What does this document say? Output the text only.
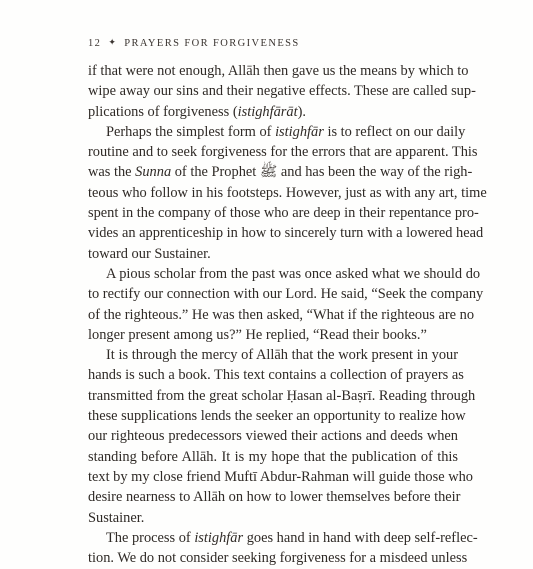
12 ✦ PRAYERS FOR FORGIVENESS

if that were not enough, Allāh then gave us the means by which to
wipe away our sins and their negative effects. These are called sup-
plications of forgiveness (istighfārāt).

Perhaps the simplest form of istighfār is to reflect on our daily
routine and to seek forgiveness for the errors that are apparent. This
was the Sunna of the Prophet ﷺ and has been the way of the righ-
teous who follow in his footsteps. However, just as with any art, time
spent in the company of those who are deep in their repentance pro-
vides an apprenticeship in how to sincerely turn with a lowered head
toward our Sustainer.

A pious scholar from the past was once asked what we should do
to rectify our connection with our Lord. He said, “Seek the company
of the righteous.” He was then asked, “What if the righteous are no
longer present among us?” He replied, “Read their books.”

It is through the mercy of Allāh that the work present in your
hands is such a book. This text contains a collection of prayers as
transmitted from the great scholar Ḥasan al-Baṣrī. Reading through
these supplications lends the seeker an opportunity to realize how
our righteous predecessors viewed their actions and deeds when
standing before Allāh. It is my hope that the publication of this
text by my close friend Muftī Abdur-Rahman will guide those who
desire nearness to Allāh on how to lower themselves before their
Sustainer.

The process of istighfār goes hand in hand with deep self-reflec-
tion. We do not consider seeking forgiveness for a misdeed unless
